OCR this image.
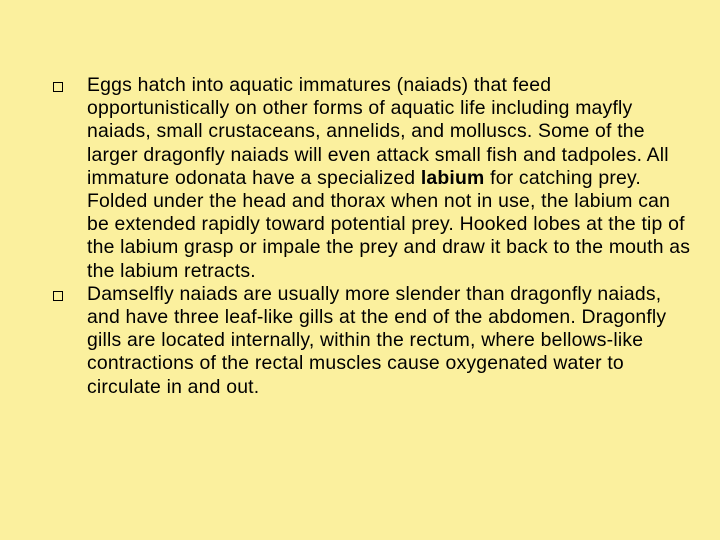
Eggs hatch into aquatic immatures (naiads) that feed opportunistically on other forms of aquatic life including mayfly naiads, small crustaceans, annelids, and molluscs. Some of the larger dragonfly naiads will even attack small fish and tadpoles. All immature odonata have a specialized labium for catching prey. Folded under the head and thorax when not in use, the labium can be extended rapidly toward potential prey. Hooked lobes at the tip of the labium grasp or impale the prey and draw it back to the mouth as the labium retracts.
Damselfly naiads are usually more slender than dragonfly naiads, and have three leaf-like gills at the end of the abdomen. Dragonfly gills are located internally, within the rectum, where bellows-like contractions of the rectal muscles cause oxygenated water to circulate in and out.
